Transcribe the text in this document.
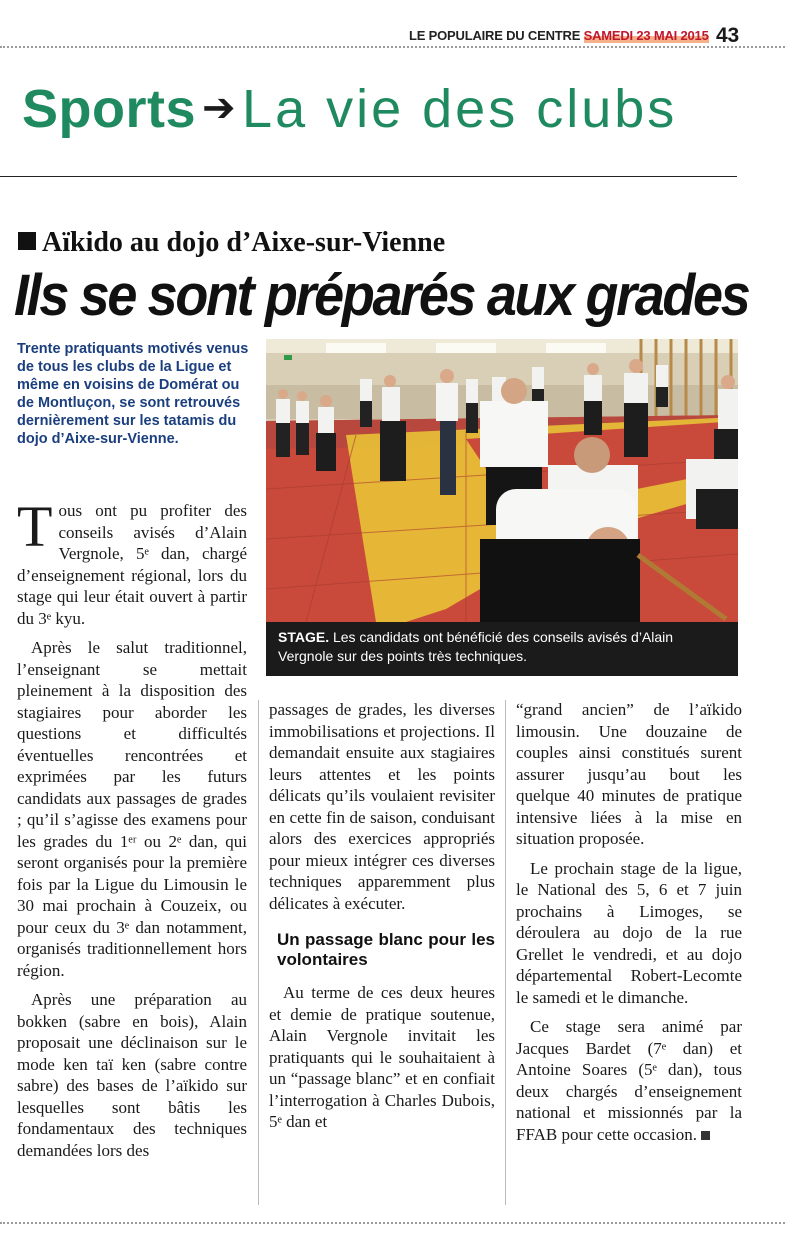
LE POPULAIRE DU CENTRE SAMEDI 23 MAI 2015 43
Sports ➔ La vie des clubs
Aïkido au dojo d’Aixe-sur-Vienne
Ils se sont préparés aux grades
Trente pratiquants motivés venus de tous les clubs de la Ligue et même en voisins de Domérat ou de Montluçon, se sont retrouvés dernièrement sur les tatamis du dojo d’Aixe-sur-Vienne.
STAGE. Les candidats ont bénéficié des conseils avisés d’Alain Vergnole sur des points très techniques.

Tous ont pu profiter des conseils avisés d’Alain Vergnole, 5ᵉ dan, chargé d’enseignement régional, lors du stage qui leur était ouvert à partir du 3ᵉ kyu.

Après le salut traditionnel, l’enseignant se mettait pleinement à la disposition des stagiaires pour aborder les questions et difficultés éventuelles rencontrées et exprimées par les futurs candidats aux passages de grades ; qu’il s’agisse des examens pour les grades du 1ᵉʳ ou 2ᵉ dan, qui seront organisés pour la première fois par la Ligue du Limousin le 30 mai prochain à Couzeix, ou pour ceux du 3ᵉ dan notamment, organisés traditionnellement hors région.

Après une préparation au bokken (sabre en bois), Alain proposait une déclinaison sur le mode ken taï ken (sabre contre sabre) des bases de l’aïkido sur lesquelles sont bâtis les fondamentaux des techniques demandées lors des

passages de grades, les diverses immobilisations et projections. Il demandait ensuite aux stagiaires leurs attentes et les points délicats qu’ils voulaient revisiter en cette fin de saison, conduisant alors des exercices appropriés pour mieux intégrer ces diverses techniques apparemment plus délicates à exécuter.

Un passage blanc pour les volontaires

Au terme de ces deux heures et demie de pratique soutenue, Alain Vergnole invitait les pratiquants qui le souhaitaient à un “passage blanc” et en confiait l’interrogation à Charles Dubois, 5ᵉ dan et

“grand ancien” de l’aïkido limousin. Une douzaine de couples ainsi constitués surent assurer jusqu’au bout les quelque 40 minutes de pratique intensive liées à la mise en situation proposée.

Le prochain stage de la ligue, le National des 5, 6 et 7 juin prochains à Limoges, se déroulera au dojo de la rue Grellet le vendredi, et au dojo départemental Robert-Lecomte le samedi et le dimanche.

Ce stage sera animé par Jacques Bardet (7ᵉ dan) et Antoine Soares (5ᵉ dan), tous deux chargés d’enseignement national et missionnés par la FFAB pour cette occasion.
